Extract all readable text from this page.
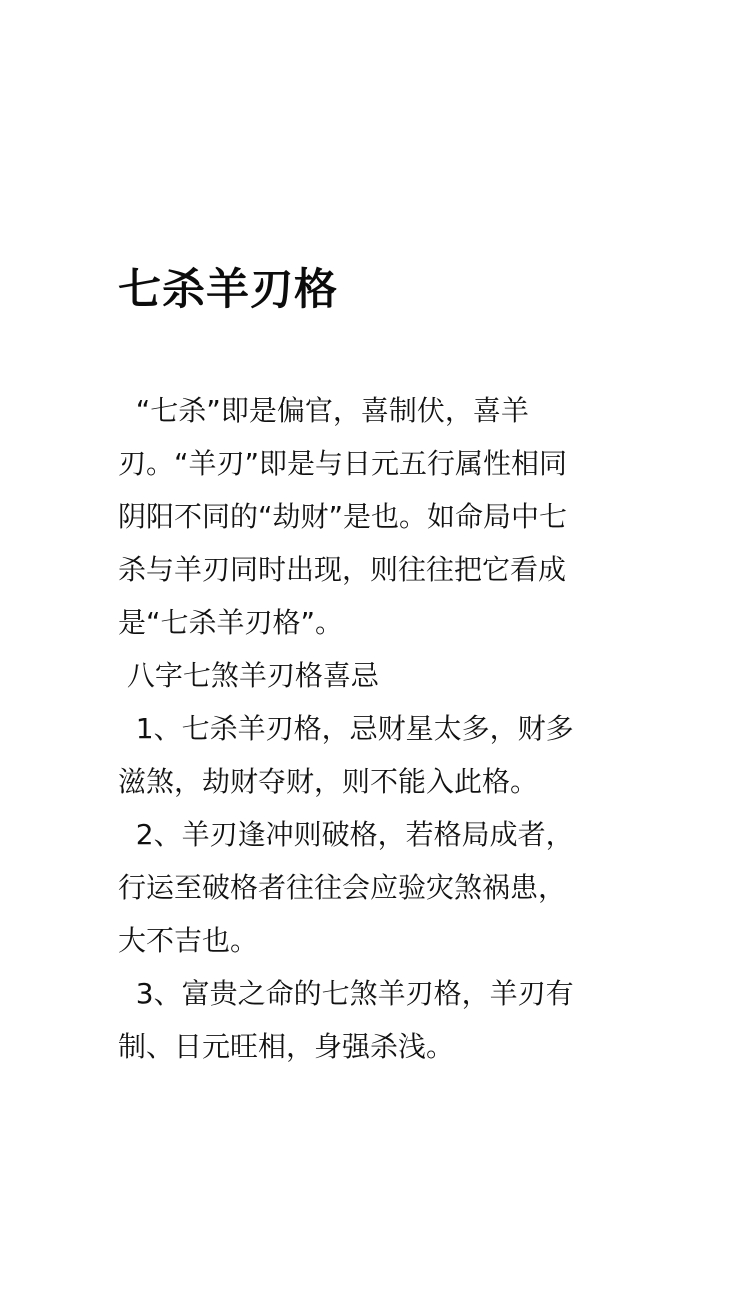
七杀羊刃格
“七杀”即是偏官，喜制伏，喜羊
刃。“羊刃”即是与日元五行属性相同
阴阳不同的“劫财”是也。如命局中七
杀与羊刃同时出现，则往往把它看成
是“七杀羊刃格”。
八字七煞羊刃格喜忌
1、七杀羊刃格，忌财星太多，财多
滋煞，劫财夺财，则不能入此格。
2、羊刃逢冲则破格，若格局成者，
行运至破格者往往会应验灾煞祸患，
大不吉也。
3、富贵之命的七煞羊刃格，羊刃有
制、日元旺相，身强杀浅。
